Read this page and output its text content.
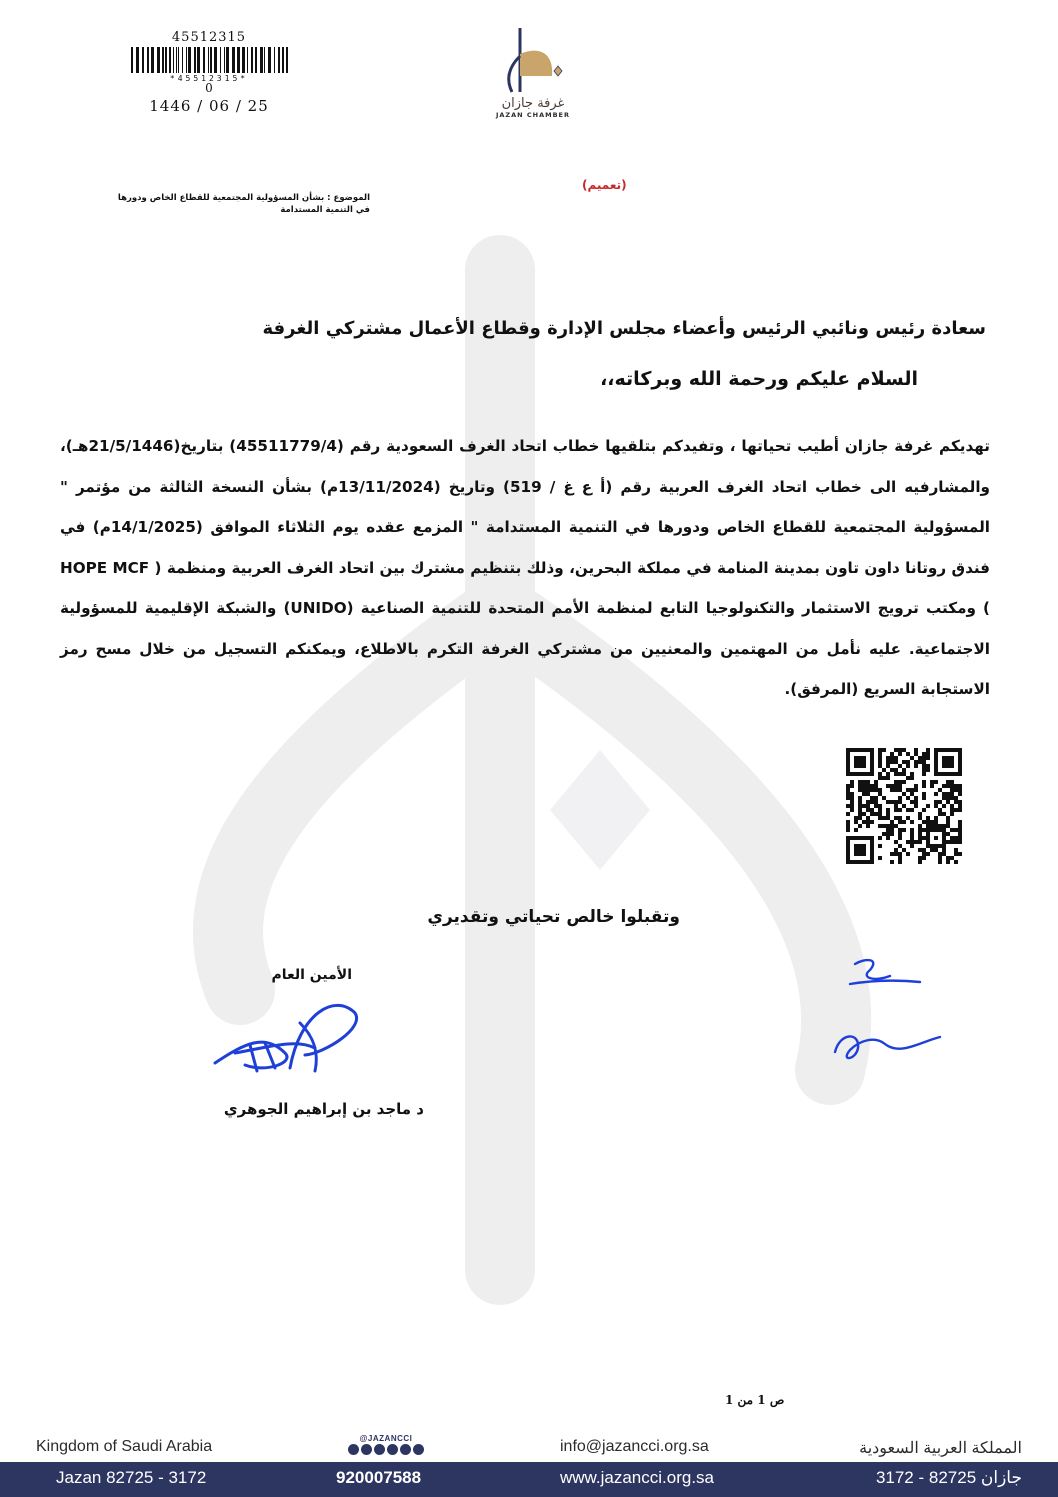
45512315
*45512315*
0
1446 / 06 / 25	غرفة جازان
JAZAN CHAMBER
(تعميم)
الموضوع : بشأن المسؤولية المجتمعية للقطاع الخاص ودورها
في التنمية المستدامة
سعادة رئيس ونائبي الرئيس وأعضاء مجلس الإدارة وقطاع الأعمال مشتركي الغرفة
السلام عليكم ورحمة الله وبركاته،،
تهديكم غرفة جازان أطيب تحياتها ، وتفيدكم بتلقيها خطاب اتحاد الغرف السعودية رقم (45511779/4) بتاريخ(21/5/1446هـ)، والمشارفيه الى خطاب اتحاد الغرف العربية رقم (أ ع غ / 519) وتاريخ (13/11/2024م) بشأن النسخة الثالثة من مؤتمر " المسؤولية المجتمعية للقطاع الخاص ودورها في التنمية المستدامة " المزمع عقده يوم الثلاثاء الموافق (14/1/2025م) في فندق روتانا داون تاون بمدينة المنامة في مملكة البحرين، وذلك بتنظيم مشترك بين اتحاد الغرف العربية ومنظمة ( HOPE MCF ) ومكتب ترويج الاستثمار والتكنولوجيا التابع لمنظمة الأمم المتحدة للتنمية الصناعية (UNIDO) والشبكة الإقليمية للمسؤولية الاجتماعية. عليه نأمل من المهتمين والمعنيين من مشتركي الغرفة التكرم بالاطلاع، ويمكنكم التسجيل من خلال مسح رمز الاستجابة السريع (المرفق).
وتقبلوا خالص تحياتي وتقديري
الأمين العام
د ماجد بن إبراهيم الجوهري
ص 1 من 1
Kingdom of Saudi Arabia	@JAZANCCI	info@jazancci.org.sa	المملكة العربية السعودية
Jazan 82725 - 3172	920007588	www.jazancci.org.sa	جازان 82725 - 3172
